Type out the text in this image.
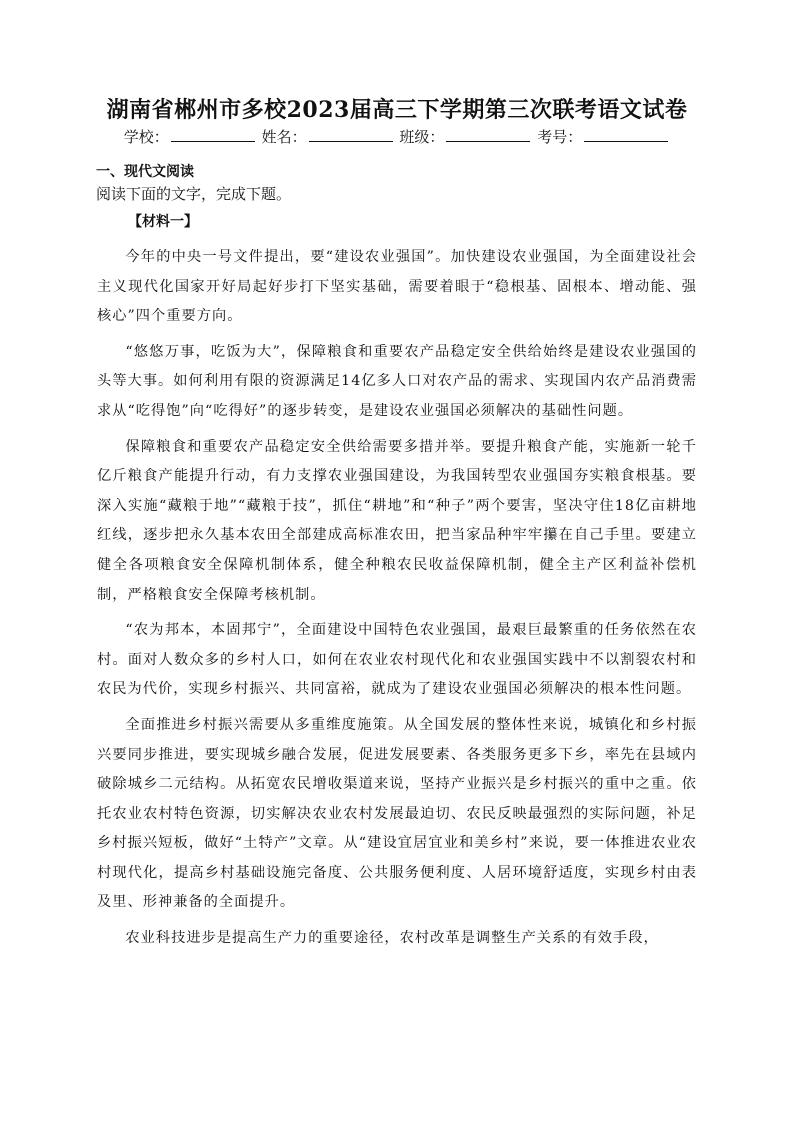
湖南省郴州市多校2023届高三下学期第三次联考语文试卷
学校：	姓名：	班级：	考号：
一、现代文阅读
阅读下面的文字，完成下题。
【材料一】

今年的中央一号文件提出，要“建设农业强国”。加快建设农业强国，为全面建设社会主义现代化国家开好局起好步打下坚实基础，需要着眼于“稳根基、固根本、增动能、强核心”四个重要方向。

“悠悠万事，吃饭为大”，保障粮食和重要农产品稳定安全供给始终是建设农业强国的头等大事。如何利用有限的资源满足14亿多人口对农产品的需求、实现国内农产品消费需求从“吃得饱”向“吃得好”的逐步转变，是建设农业强国必须解决的基础性问题。

保障粮食和重要农产品稳定安全供给需要多措并举。要提升粮食产能，实施新一轮千亿斤粮食产能提升行动，有力支撑农业强国建设，为我国转型农业强国夯实粮食根基。要深入实施“藏粮于地”“藏粮于技”，抓住“耕地”和“种子”两个要害，坚决守住18亿亩耕地红线，逐步把永久基本农田全部建成高标准农田，把当家品种牢牢攥在自己手里。要建立健全各项粮食安全保障机制体系，健全种粮农民收益保障机制，健全主产区利益补偿机制，严格粮食安全保障考核机制。

“农为邦本，本固邦宁”，全面建设中国特色农业强国，最艰巨最繁重的任务依然在农村。面对人数众多的乡村人口，如何在农业农村现代化和农业强国实践中不以割裂农村和农民为代价，实现乡村振兴、共同富裕，就成为了建设农业强国必须解决的根本性问题。

全面推进乡村振兴需要从多重维度施策。从全国发展的整体性来说，城镇化和乡村振兴要同步推进，要实现城乡融合发展，促进发展要素、各类服务更多下乡，率先在县域内破除城乡二元结构。从拓宽农民增收渠道来说，坚持产业振兴是乡村振兴的重中之重。依托农业农村特色资源，切实解决农业农村发展最迫切、农民反映最强烈的实际问题，补足乡村振兴短板，做好“土特产”文章。从“建设宜居宜业和美乡村”来说，要一体推进农业农村现代化，提高乡村基础设施完备度、公共服务便利度、人居环境舒适度，实现乡村由表及里、形神兼备的全面提升。

农业科技进步是提高生产力的重要途径，农村改革是调整生产关系的有效手段，
